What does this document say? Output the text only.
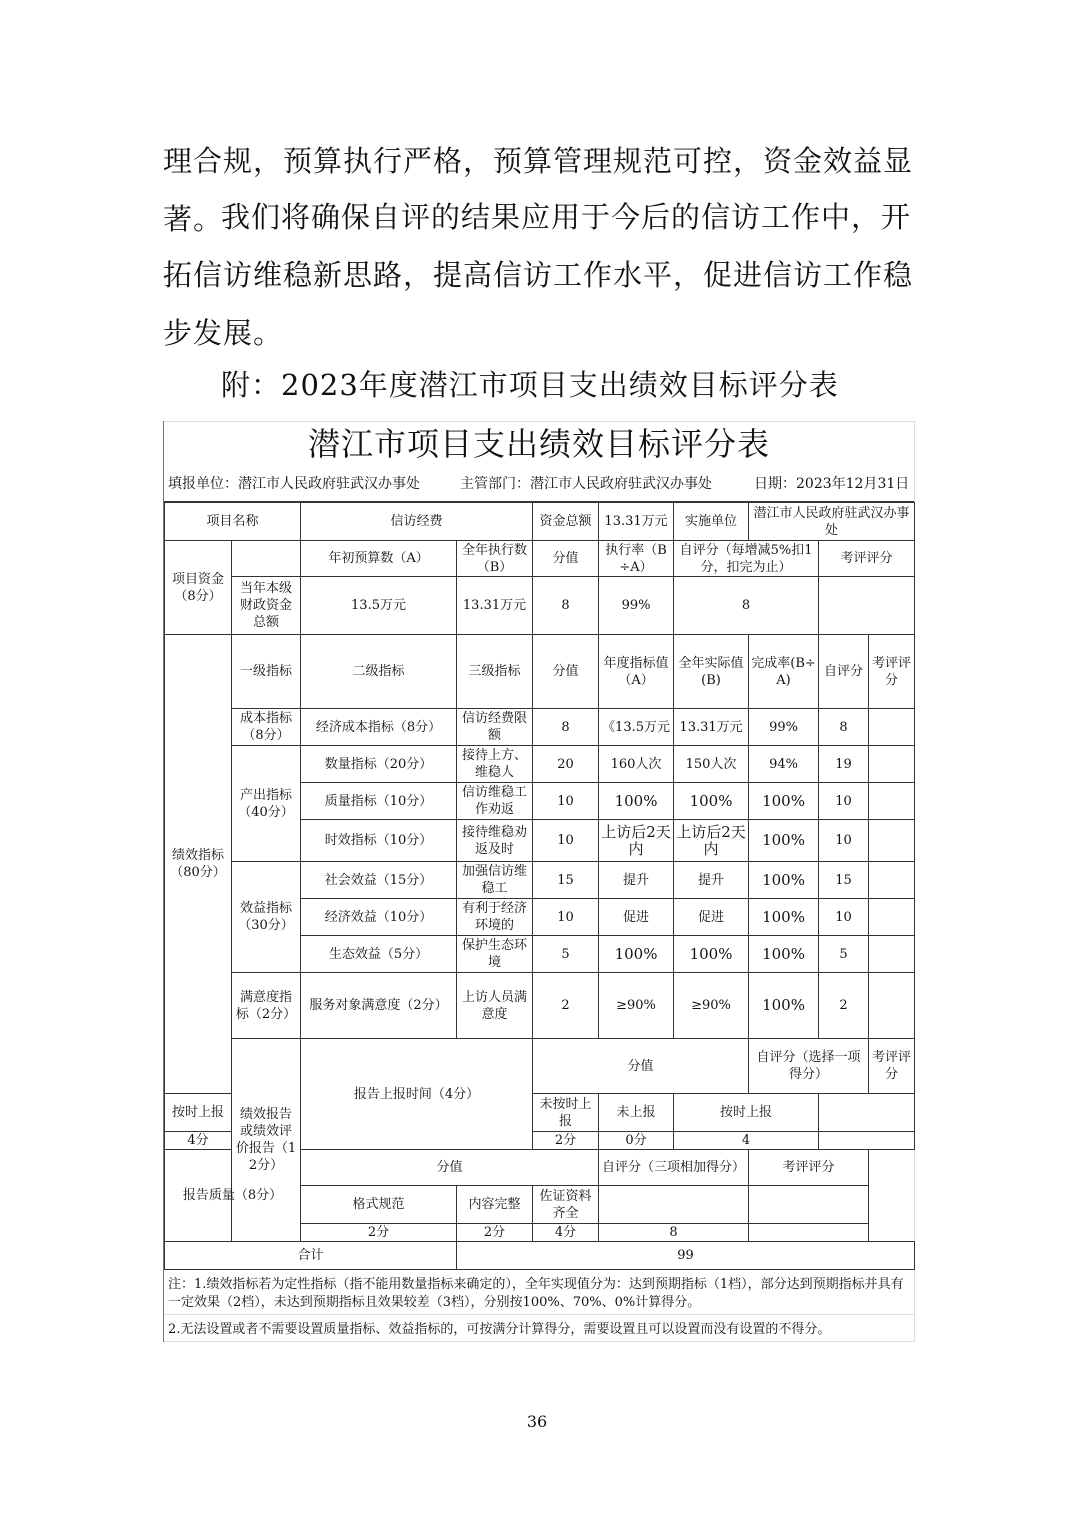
理合规，预算执行严格，预算管理规范可控，资金效益显著。

我们将确保自评的结果应用于今后的信访工作中，开拓信访维稳新思路，提高信访工作水平，促进信访工作稳步发展。

附：2023年度潜江市项目支出绩效目标评分表

潜江市项目支出绩效目标评分表
填报单位：潜江市人民政府驻武汉办事处	主管部门：潜江市人民政府驻武汉办事处	日期：2023年12月31日
项目名称		信访经费		资金总额	13.31万元	实施单位	潜江市人民政府驻武汉办事处			
项目资金（8分）		年初预算数（A）	全年执行数（B）	分值	执行率（B÷A）	自评分（每增减5%扣1分，扣完为止）		考评评分		
	当年本级财政资金总额	13.5万元	13.31万元	8	99%	8				
绩效指标（80分）	一级指标	二级指标	三级指标	分值	年度指标值（A）	全年实际值(B)	完成率(B÷A)	自评分	考评评分	
	成本指标（8分）	经济成本指标（8分）	信访经费限额	8	《13.5万元	13.31万元	99%	8		
	产出指标（40分）	数量指标（20分）	接待上方、维稳人	20	160人次	150人次	94%	19		
		质量指标（10分）	信访维稳工作劝返	10	100%	100%	100%	10		
		时效指标（10分）	接待维稳劝返及时	10	上访后2天内	上访后2天内	100%	10		
	效益指标（30分）	社会效益（15分）	加强信访维稳工	15	提升	提升	100%	15		
		经济效益（10分）	有利于经济环境的	10	促进	促进	100%	10		
		生态效益（5分）	保护生态环境	5	100%	100%	100%	5		
	满意度指标（2分）	服务对象满意度（2分）	上访人员满意度	2	≥90%	≥90%	100%	2		
	绩效报告或绩效评价报告（12分）	报告上报时间（4分）		分值			自评分（选择一项得分）		考评评分	
按时上报				未按时上报	未上报	按时上报				
4分				2分	0分	4				
报告质量（8分）		分值			自评分（三项相加得分）		考评评分			
		格式规范	内容完整	佐证资料齐全						
		2分	2分	4分	8					
合计			99							

注：1.绩效指标若为定性指标（指不能用数量指标来确定的），全年实现值分为：达到预期指标（1档），部分达到预期指标并具有一定效果（2档），未达到预期指标且效果较差（3档），分别按100%、70%、0%计算得分。

2.无法设置或者不需要设置质量指标、效益指标的，可按满分计算得分，需要设置且可以设置而没有设置的不得分。

36
